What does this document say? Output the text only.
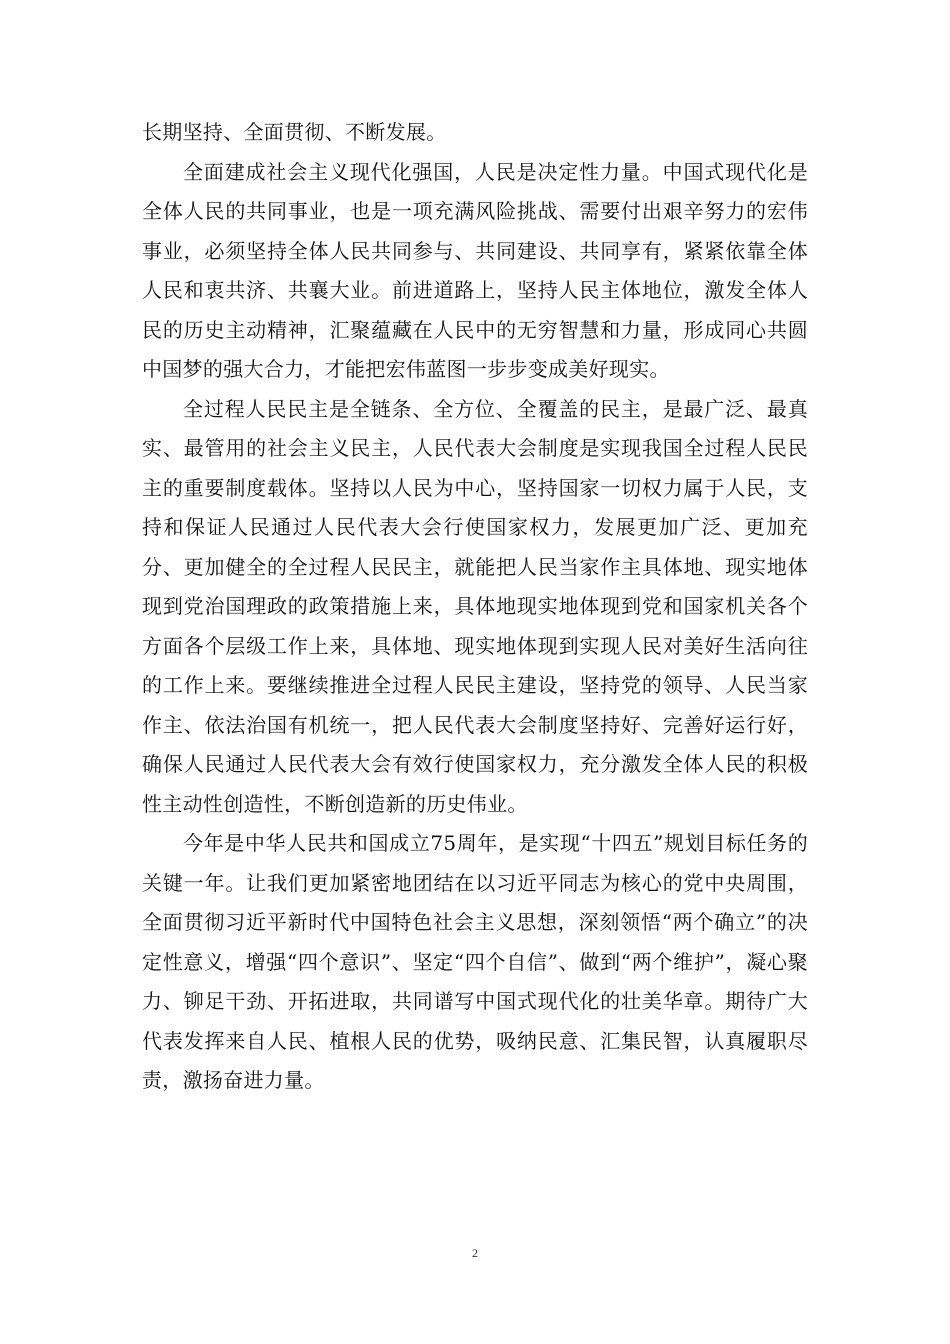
长期坚持、全面贯彻、不断发展。

全面建成社会主义现代化强国，人民是决定性力量。中国式现代化是全体人民的共同事业，也是一项充满风险挑战、需要付出艰辛努力的宏伟事业，必须坚持全体人民共同参与、共同建设、共同享有，紧紧依靠全体人民和衷共济、共襄大业。前进道路上，坚持人民主体地位，激发全体人民的历史主动精神，汇聚蕴藏在人民中的无穷智慧和力量，形成同心共圆中国梦的强大合力，才能把宏伟蓝图一步步变成美好现实。

全过程人民民主是全链条、全方位、全覆盖的民主，是最广泛、最真实、最管用的社会主义民主，人民代表大会制度是实现我国全过程人民民主的重要制度载体。坚持以人民为中心，坚持国家一切权力属于人民，支持和保证人民通过人民代表大会行使国家权力，发展更加广泛、更加充分、更加健全的全过程人民民主，就能把人民当家作主具体地、现实地体现到党治国理政的政策措施上来，具体地现实地体现到党和国家机关各个方面各个层级工作上来，具体地、现实地体现到实现人民对美好生活向往的工作上来。要继续推进全过程人民民主建设，坚持党的领导、人民当家作主、依法治国有机统一，把人民代表大会制度坚持好、完善好运行好，确保人民通过人民代表大会有效行使国家权力，充分激发全体人民的积极性主动性创造性，不断创造新的历史伟业。

今年是中华人民共和国成立75周年，是实现“十四五”规划目标任务的关键一年。让我们更加紧密地团结在以习近平同志为核心的党中央周围，全面贯彻习近平新时代中国特色社会主义思想，深刻领悟“两个确立”的决定性意义，增强“四个意识”、坚定“四个自信”、做到“两个维护”，凝心聚力、铆足干劲、开拓进取，共同谱写中国式现代化的壮美华章。期待广大代表发挥来自人民、植根人民的优势，吸纳民意、汇集民智，认真履职尽责，激扬奋进力量。

2
